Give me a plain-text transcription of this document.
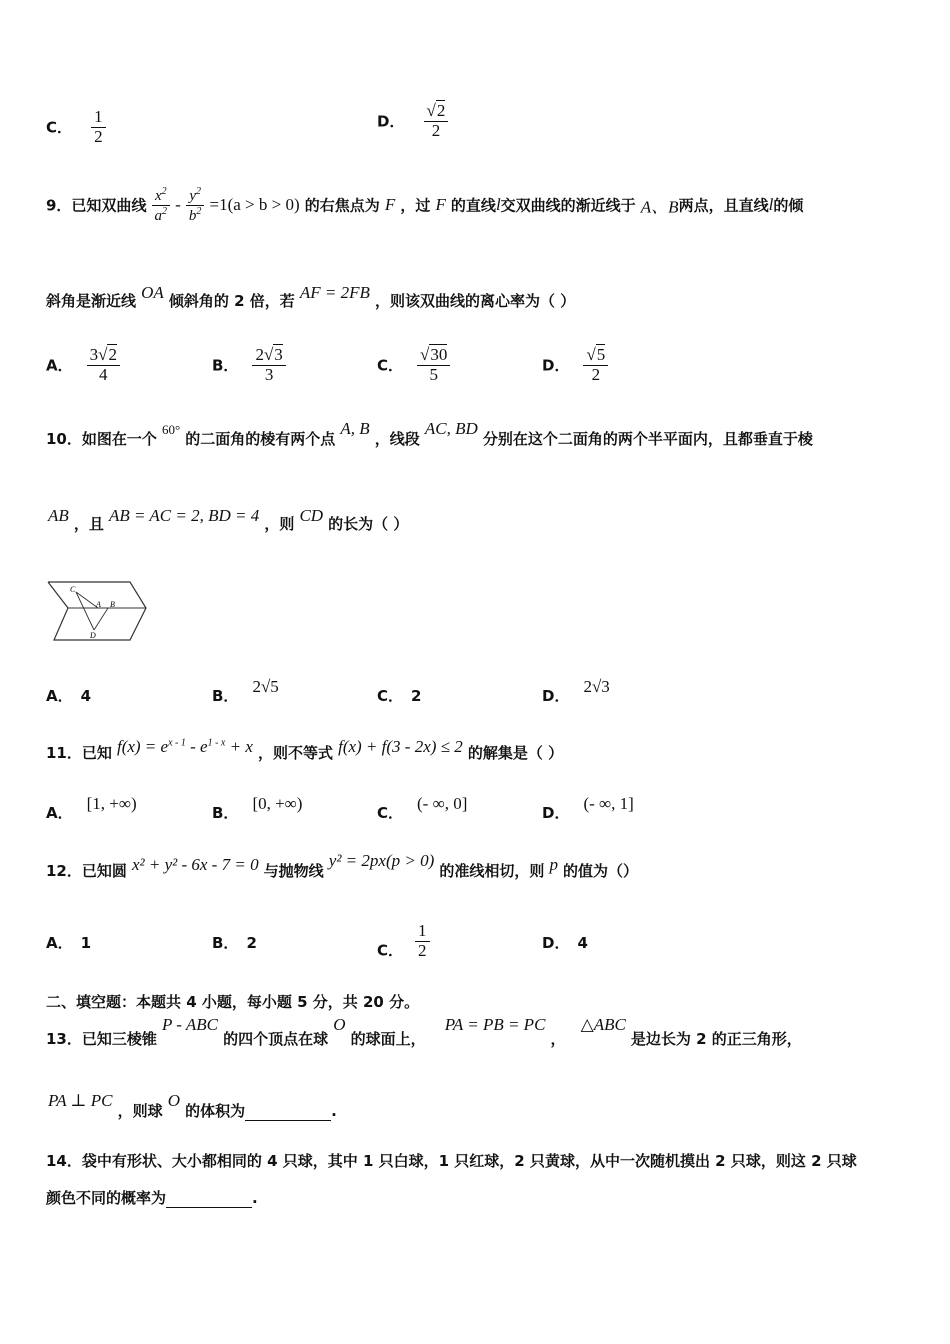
C． $\frac{1}{2}$	D． $\frac{√2}{2}$
9．已知双曲线 $\frac{x^2}{a^2} - \frac{y^2}{b^2} =1(a > b > 0)$ 的右焦点为 F ，过 F 的直线l交双曲线的渐近线于 A、B两点，且直线l的倾
斜角是渐近线 OA 倾斜角的 2 倍，若 AF = 2FB ，则该双曲线的离心率为（ ）
A． $\frac{3√2}{4}$	B． $\frac{2√3}{3}$	C． $\frac{√30}{5}$	D． $\frac{√5}{2}$
10．如图在一个 $^{60^\circ}$ 的二面角的棱有两个点 A, B ，线段 AC, BD 分别在这个二面角的两个半平面内，且都垂直于棱
AB ，且 AB = AC = 2, BD = 4 ，则 CD 的长为（ ）
C
A B
D
A． 4	B． 2√5	C． 2	D． 2√3
11．已知 $f(x) = e^{x - 1} - e^{1 - x} + x$ ，则不等式 f(x) + f(3 - 2x) ≤ 2 的解集是（ ）
A． [1, +∞)	B． [0, +∞)	C． (- ∞, 0]	D． (- ∞, 1]
12．已知圆 x² + y² - 6x - 7 = 0 与抛物线 y² = 2px(p > 0) 的准线相切，则 p 的值为（）
A． 1	B． 2	C． $\frac{1}{2}$	D． 4
二、填空题：本题共 4 小题，每小题 5 分，共 20 分。
13．已知三棱锥 P - ABC 的四个顶点在球 O 的球面上， PA = PB = PC ， △ABC 是边长为 2 的正三角形，
PA ⊥ PC ，则球 O 的体积为	.
14．袋中有形状、大小都相同的 4 只球，其中 1 只白球，1 只红球，2 只黄球，从中一次随机摸出 2 只球，则这 2 只球
颜色不同的概率为	.
